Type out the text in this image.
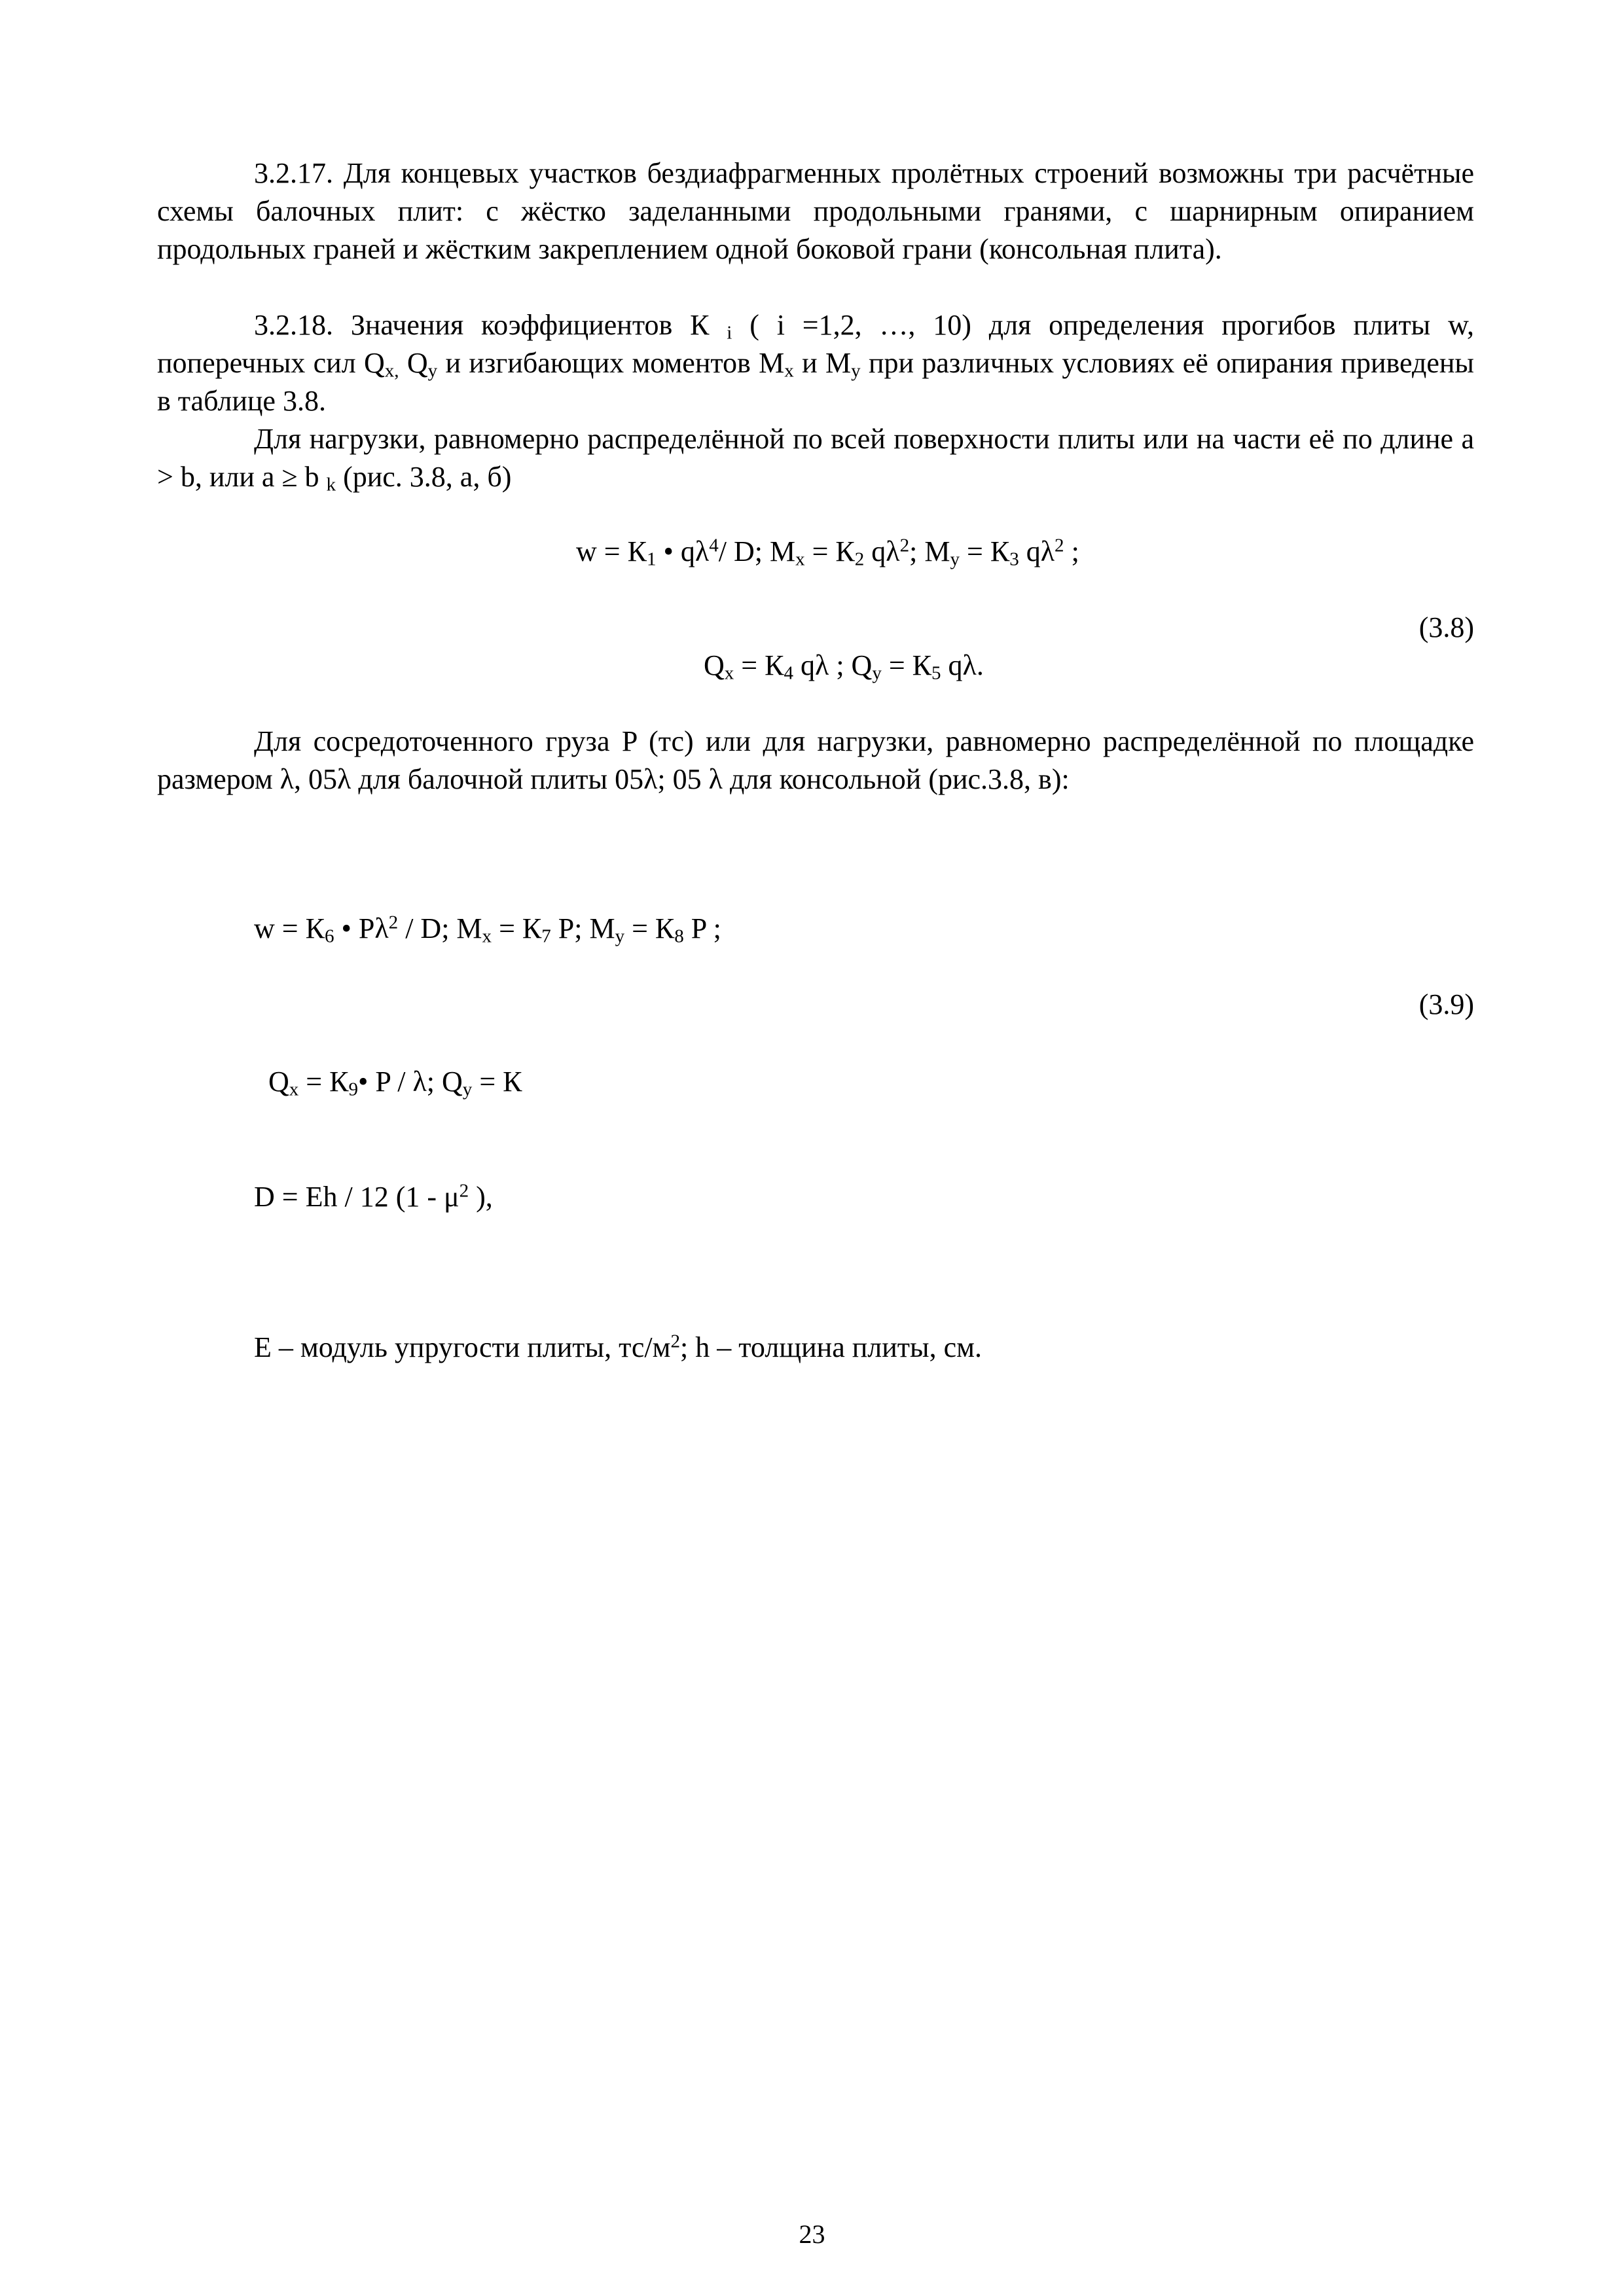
3.2.17. Для концевых участков бездиафрагменных пролётных строений возможны три расчётные схемы балочных плит: с жёстко заделанными продольными гранями, с шарнирным опиранием продольных граней и жёстким закреплением одной боковой грани (консольная плита).

3.2.18. Значения коэффициентов К $_i$ ( i =1,2, …, 10) для определения прогибов плиты w, поперечных сил $Q_{x,}$ $Q_y$ и изгибающих моментов $M_x$ и $M_y$ при различных условиях её опирания приведены в таблице 3.8.

Для нагрузки, равномерно распределённой по всей поверхности плиты или на части её по длине a > b, или a ≥ b $_k$ (рис. 3.8, а, б)

$w = К_1$ • $q\lambda^4/$ D; $M_x = К_2$ $q\lambda^2$; $M_y = К_3$ $q\lambda^2$ ;

(3.8)

$Q_x = К_4$ qλ ; $Q_y = К_5$ qλ.

Для сосредоточенного груза P (тс) или для нагрузки, равномерно распределённой по площадке размером λ, 05λ для балочной плиты 05λ; 05 λ для консольной (рис.3.8, в):

$w = К_6$ • $P\lambda^2$ / D; $M_x = К_7$ P; $M_y = К_8$ P ;

(3.9)

$Q_x$ = $К_9•$ P / λ; $Q_y = К$

D = Eh / 12 ($1 - \mu^2$ ),

E – модуль упругости плиты, $тс/м^2$; h – толщина плиты, см.

23
